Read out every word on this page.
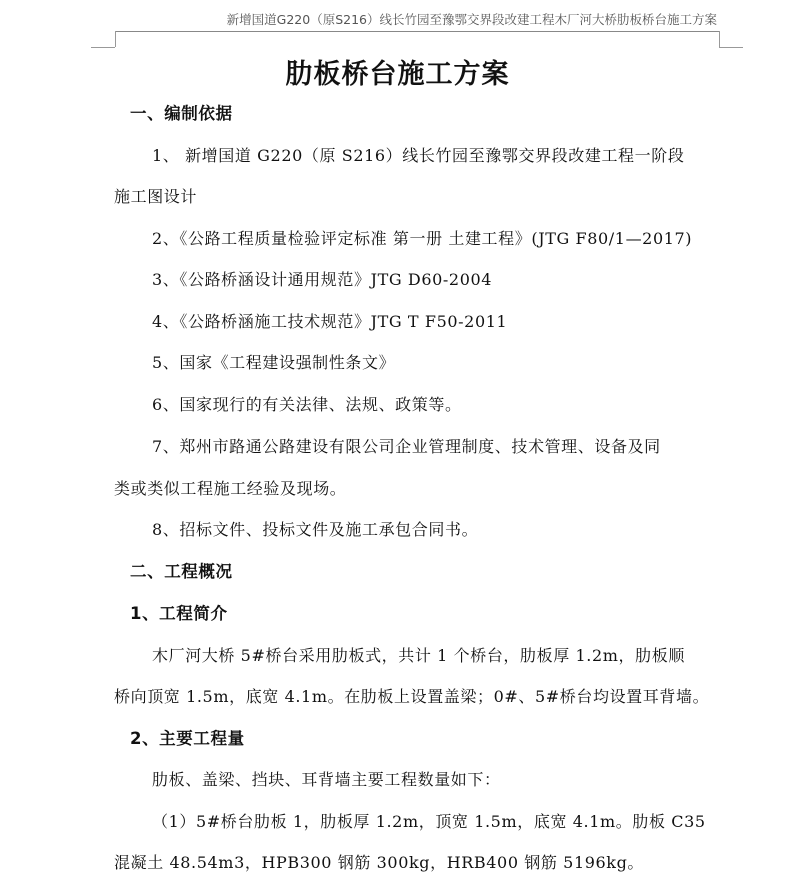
新增国道G220（原S216）线长竹园至豫鄂交界段改建工程木厂河大桥肋板桥台施工方案
肋板桥台施工方案
一、编制依据
1、 新增国道 G220（原 S216）线长竹园至豫鄂交界段改建工程一阶段
施工图设计
2、《公路工程质量检验评定标准 第一册 土建工程》(JTG F80/1—2017)
3、《公路桥涵设计通用规范》JTG D60-2004
4、《公路桥涵施工技术规范》JTG T F50-2011
5、国家《工程建设强制性条文》
6、国家现行的有关法律、法规、政策等。
7、郑州市路通公路建设有限公司企业管理制度、技术管理、设备及同
类或类似工程施工经验及现场。
8、招标文件、投标文件及施工承包合同书。
二、工程概况
1、工程简介
木厂河大桥 5#桥台采用肋板式，共计 1 个桥台，肋板厚 1.2m，肋板顺
桥向顶宽 1.5m，底宽 4.1m。在肋板上设置盖梁；0#、5#桥台均设置耳背墙。
2、主要工程量
肋板、盖梁、挡块、耳背墙主要工程数量如下：
（1）5#桥台肋板 1，肋板厚 1.2m，顶宽 1.5m，底宽 4.1m。肋板 C35
混凝土 48.54m3，HPB300 钢筋 300kg，HRB400 钢筋 5196kg。
